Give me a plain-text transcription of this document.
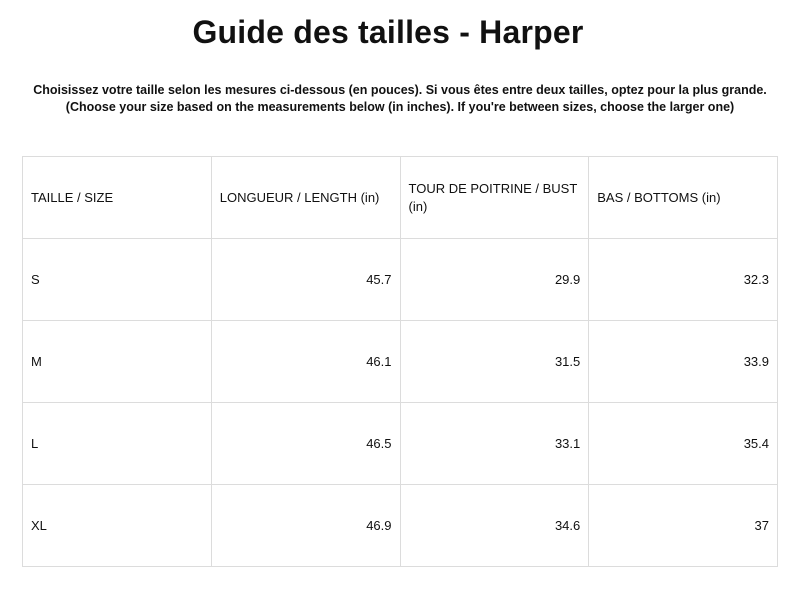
Guide des tailles - Harper
Choisissez votre taille selon les mesures ci-dessous (en pouces). Si vous êtes entre deux tailles, optez pour la plus grande.
(Choose your size based on the measurements below (in inches). If you're between sizes, choose the larger one)
TAILLE / SIZE	LONGUEUR / LENGTH (in)	TOUR DE POITRINE / BUST (in)	BAS / BOTTOMS (in)
S	45.7	29.9	32.3
M	46.1	31.5	33.9
L	46.5	33.1	35.4
XL	46.9	34.6	37
